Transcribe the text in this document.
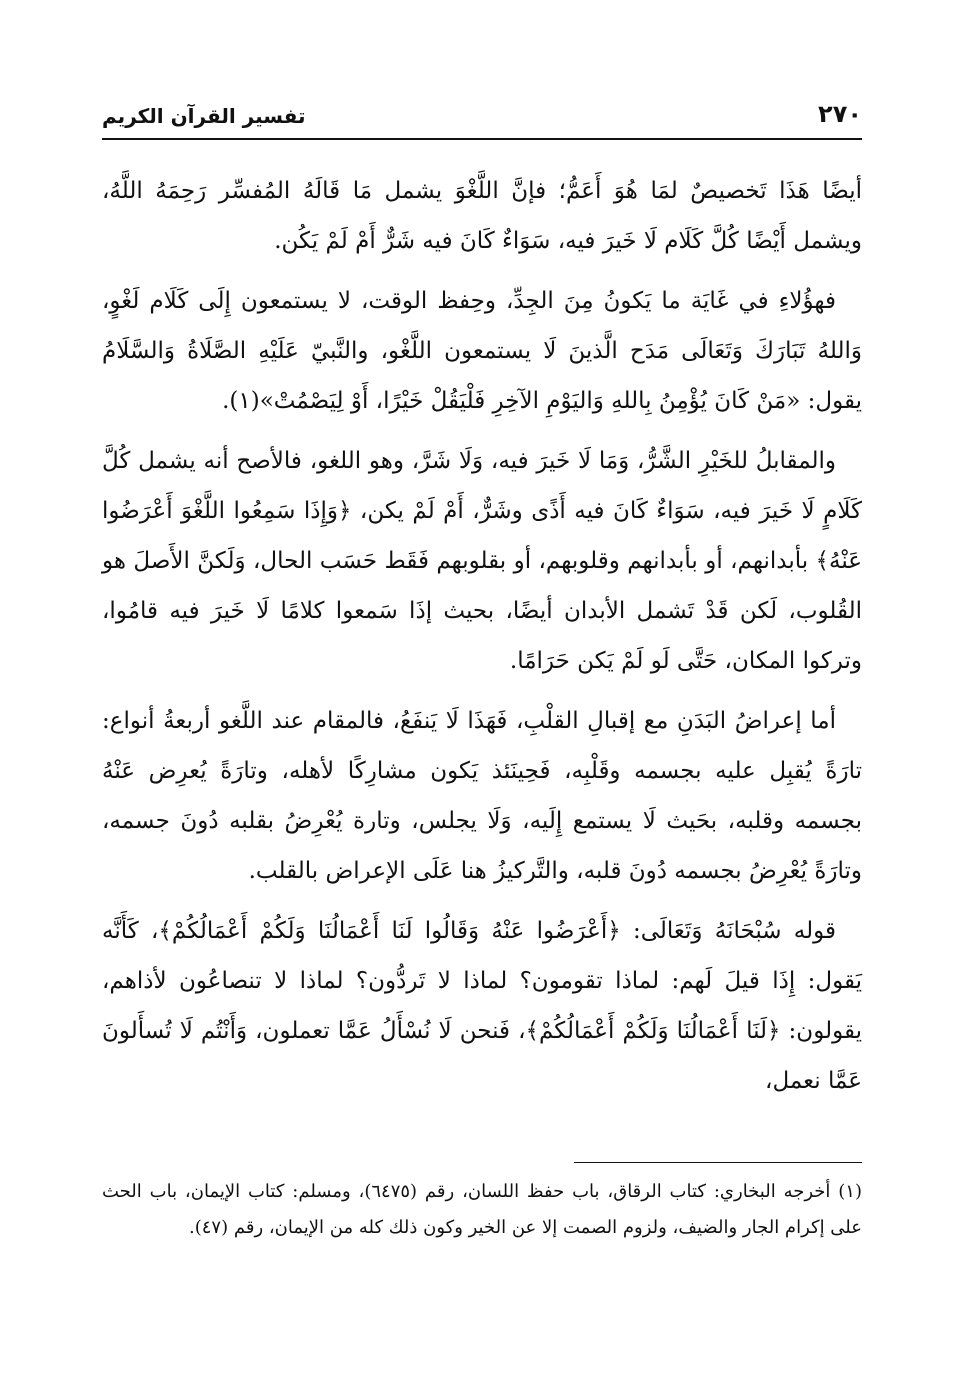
٢٧٠
تفسير القرآن الكريم

أيضًا هَذَا تَخصيصٌ لمَا هُوَ أَعَمُّ؛ فإنَّ اللَّغْوَ يشمل مَا قَالَهُ المُفسِّر رَحِمَهُ اللَّهُ، ويشمل أَيْضًا كُلَّ كَلَام لَا خَيرَ فيه، سَوَاءٌ كَانَ فيه شَرٌّ أَمْ لَمْ يَكُن.

فهؤُلاءِ في غَايَة ما يَكونُ مِنَ الجِدِّ، وحِفظ الوقت، لا يستمعون إِلَى كَلَام لَغْوٍ، وَاللهُ تَبَارَكَ وَتَعَالَى مَدَح الَّذينَ لَا يستمعون اللَّغْو، والنَّبيّ عَلَيْهِ الصَّلَاةُ وَالسَّلَامُ يقول: «مَنْ كَانَ يُؤْمِنُ بِاللهِ وَاليَوْمِ الآخِرِ فَلْيَقُلْ خَيْرًا، أَوْ لِيَصْمُتْ»(١).

والمقابلُ للخَيْرِ الشَّرُّ، وَمَا لَا خَيرَ فيه، وَلَا شَرَّ، وهو اللغو، فالأصح أنه يشمل كُلَّ كَلَامٍ لَا خَيرَ فيه، سَوَاءٌ كَانَ فيه أَذًى وشَرٌّ، أَمْ لَمْ يكن، ﴿وَإِذَا سَمِعُوا اللَّغْوَ أَعْرَضُوا عَنْهُ﴾ بأبدانهم، أو بأبدانهم وقلوبهم، أو بقلوبهم فَقَط حَسَب الحال، وَلَكنَّ الأَصلَ هو القُلوب، لَكن قَدْ تَشمل الأبدان أيضًا، بحيث إذَا سَمعوا كلامًا لَا خَيرَ فيه قامُوا، وتركوا المكان، حَتَّى لَو لَمْ يَكن حَرَامًا.

أما إعراضُ البَدَنِ مع إقبالِ القلْبِ، فَهَذَا لَا يَنفَعُ، فالمقام عند اللَّغو أربعةُ أنواع: تارَةً يُقبِل عليه بجسمه وقَلْبِه، فَحِينَئذ يَكون مشارِكًا لأهله، وتارَةً يُعرِض عَنْهُ بجسمه وقلبه، بحَيث لَا يستمع إِلَيه، وَلَا يجلس، وتارة يُعْرِضُ بقلبه دُونَ جسمه، وتارَةً يُعْرِضُ بجسمه دُونَ قلبه، والتَّركيزُ هنا عَلَى الإعراض بالقلب.

قوله سُبْحَانَهُ وَتَعَالَى: ﴿أَعْرَضُوا عَنْهُ وَقَالُوا لَنَا أَعْمَالُنَا وَلَكُمْ أَعْمَالُكُمْ﴾، كَأَنَّه يَقول: إِذَا قيلَ لَهم: لماذا تقومون؟ لماذا لا تَردُّون؟ لماذا لا تنصاعُون لأذاهم، يقولون: ﴿لَنَا أَعْمَالُنَا وَلَكُمْ أَعْمَالُكُمْ﴾، فَنحن لَا نُسْأَلُ عَمَّا تعملون، وَأَنْتُم لَا تُسأَلونَ عَمَّا نعمل،

(١) أخرجه البخاري: كتاب الرقاق، باب حفظ اللسان، رقم (٦٤٧٥)، ومسلم: كتاب الإيمان، باب الحث على إكرام الجار والضيف، ولزوم الصمت إلا عن الخير وكون ذلك كله من الإيمان، رقم (٤٧).
